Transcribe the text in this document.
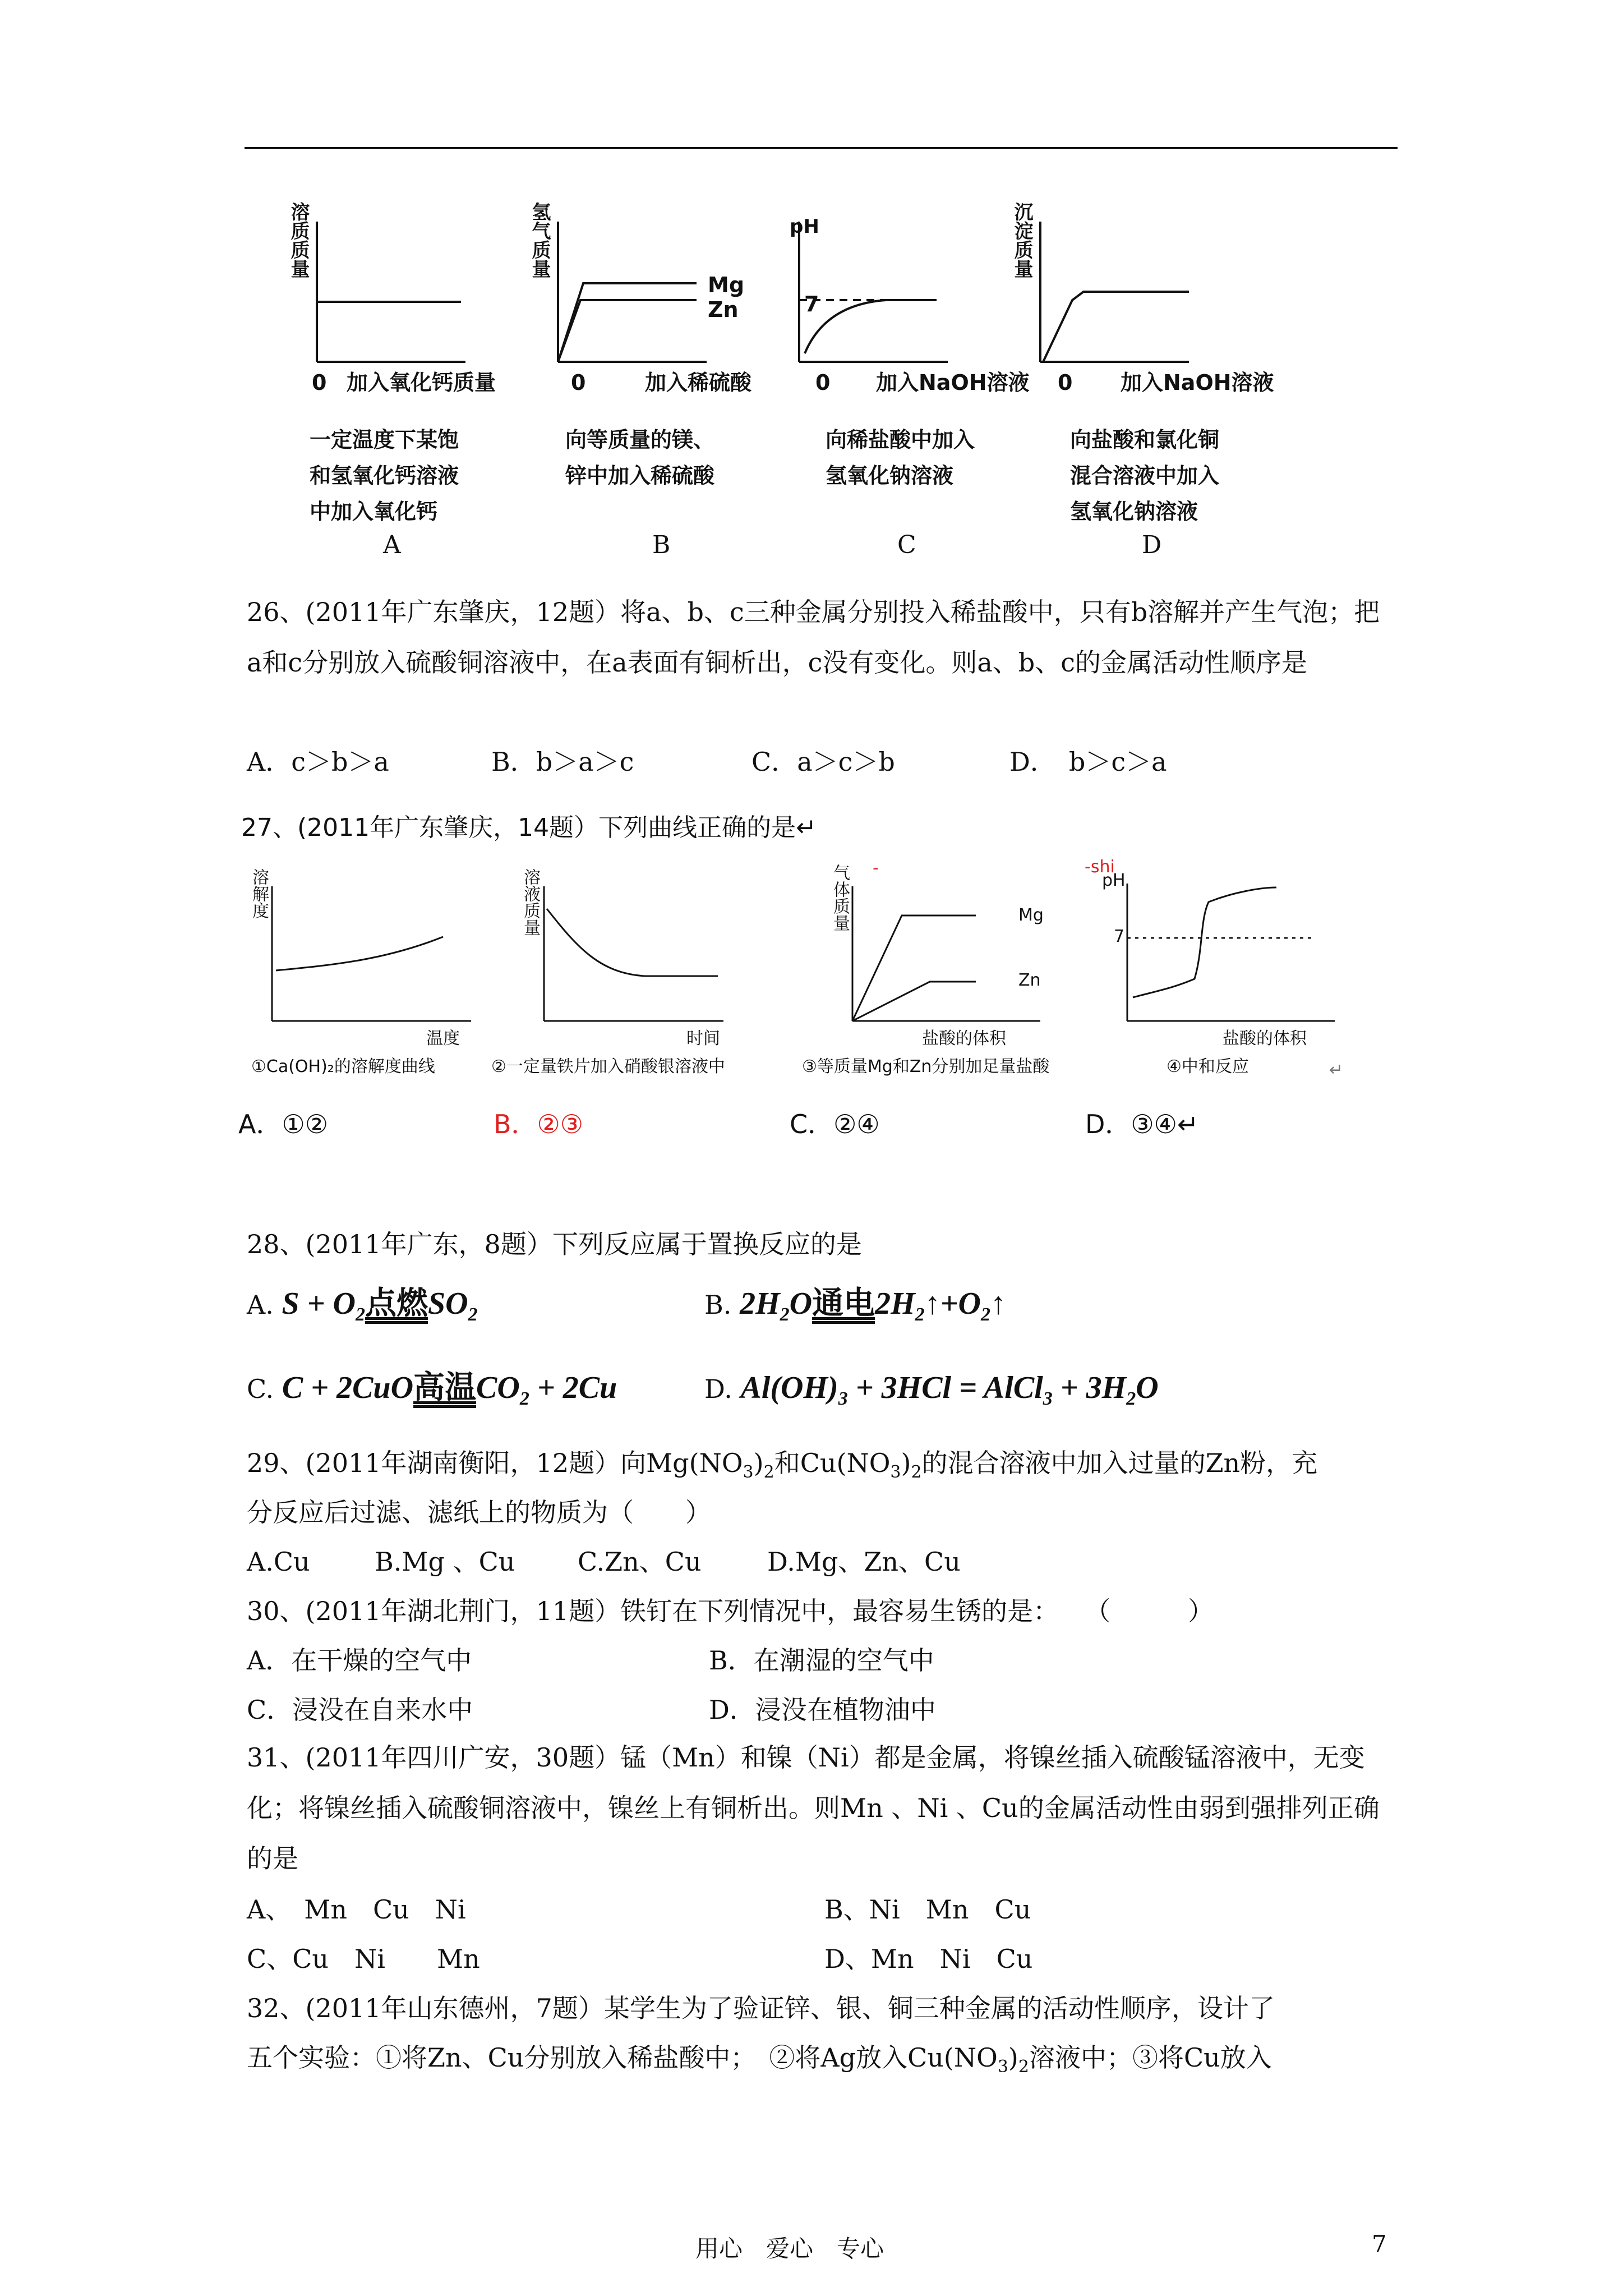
溶质质量	氢气质量	pH	沉淀质量
0	0	0	0
加入氧化钙质量	加入稀硫酸	加入NaOH溶液	加入NaOH溶液
Mg
Zn	7
一定温度下某饱
和氢氧化钙溶液
中加入氧化钙
向等质量的镁、
锌中加入稀硫酸
向稀盐酸中加入
氢氧化钠溶液
向盐酸和氯化铜
混合溶液中加入
氢氧化钠溶液
A	B	C	D
26、(2011年广东肇庆，12题）将a、b、c三种金属分别投入稀盐酸中，只有b溶解并产生气泡；把a和c分别放入硫酸铜溶液中，在a表面有铜析出，c没有变化。则a、b、c的金属活动性顺序是
A．c＞b＞a	B．b＞a＞c	C．a＞c＞b	D．　b＞c＞a
27、(2011年广东肇庆，14题）下列曲线正确的是↵
溶解度	溶液质量	气体质量	pH
-	-shi
温度	时间	盐酸的体积	盐酸的体积
Mg
Zn
7
①Ca(OH)₂的溶解度曲线	②一定量铁片加入硝酸银溶液中	③等质量Mg和Zn分别加足量盐酸	④中和反应	↵
A．①②	B．②③	C．②④	D．③④↵
28、(2011年广东，8题）下列反应属于置换反应的是
A. $S + O_2$点燃$SO_2$	B. $2H_2O$通电$2H_2↑+O_2↑$
C. C + 2CuO高温$CO_2 + 2Cu$	D. $Al(OH)_3 + 3HCl$ = AlCl$_3$ + $3H_2O$
29、(2011年湖南衡阳，12题）向$Mg(NO_3)_2$和$Cu(NO_3)_2$的混合溶液中加入过量的Zn粉，充
分反应后过滤、滤纸上的物质为（　　）
A.Cu	B.Mg 、Cu C.Zn、Cu	D.Mg、Zn、Cu
30、(2011年湖北荆门，11题）铁钉在下列情况中，最容易生锈的是：　　（　　　）
A．在干燥的空气中	B．在潮湿的空气中
C．浸没在自来水中	D．浸没在植物油中
31、(2011年四川广安，30题）锰（Mn）和镍（Ni）都是金属，将镍丝插入硫酸锰溶液中，无变化；将镍丝插入硫酸铜溶液中，镍丝上有铜析出。则Mn 、Ni 、Cu的金属活动性由弱到强排列正确的是
A、　Mn　Cu　Ni	B、Ni　Mn　Cu
C、Cu　Ni　　Mn	D、Mn　Ni　Cu
32、(2011年山东德州，7题）某学生为了验证锌、银、铜三种金属的活动性顺序，设计了
五个实验：①将Zn、Cu分别放入稀盐酸中；　②将Ag放入$Cu(NO_3)_2$溶液中；③将Cu放入
用心　爱心　专心	7
